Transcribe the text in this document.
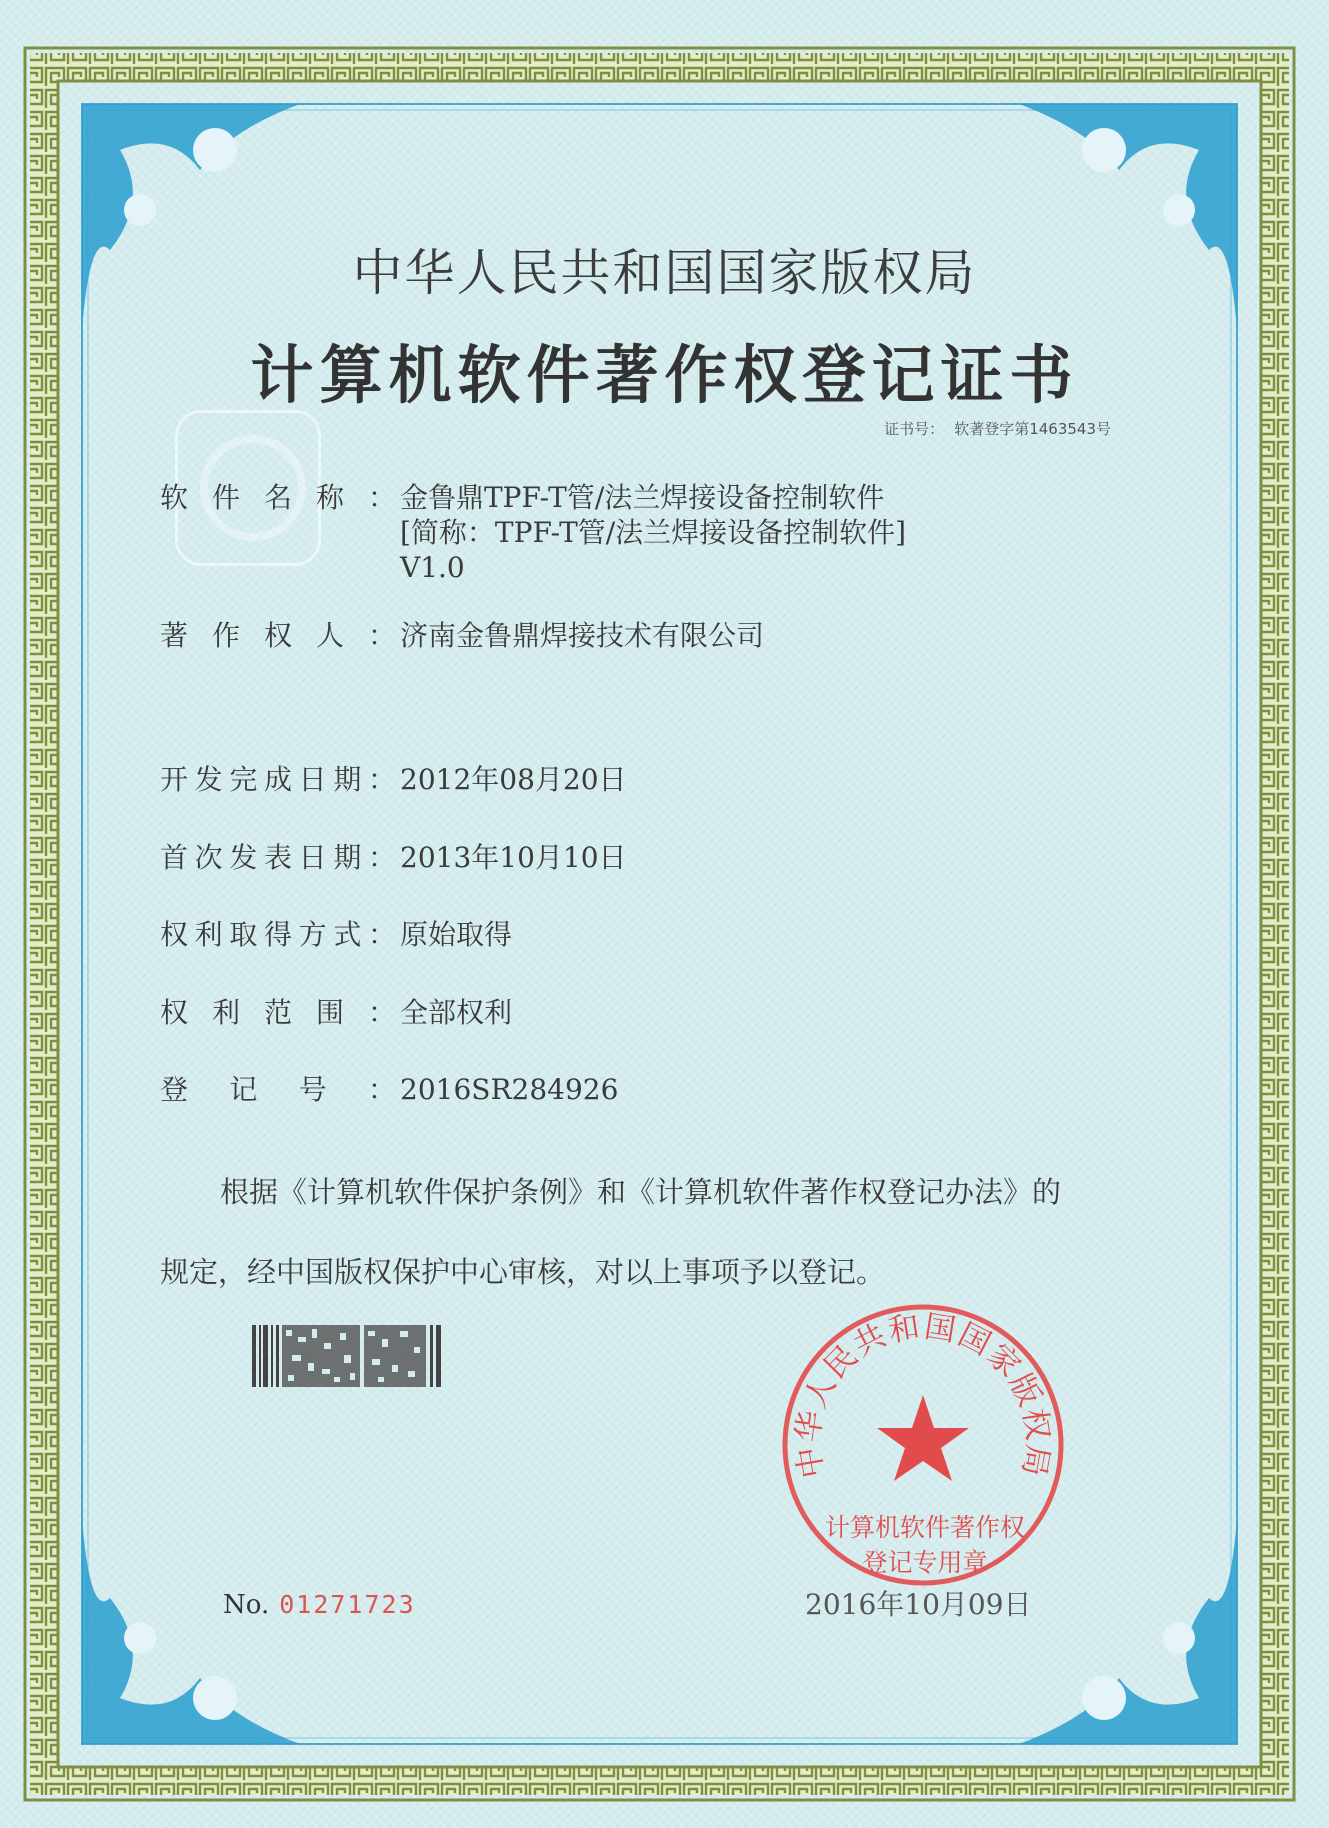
中华人民共和国国家版权局
计算机软件著作权登记证书
证书号： 软著登字第1463543号
软件名称： 金鲁鼎TPF-T管/法兰焊接设备控制软件
[简称：TPF-T管/法兰焊接设备控制软件]
V1.0
著作权人： 济南金鲁鼎焊接技术有限公司
开发完成日期： 2012年08月20日
首次发表日期： 2013年10月10日
权利取得方式： 原始取得
权利范围： 全部权利
登记号： 2016SR284926
根据《计算机软件保护条例》和《计算机软件著作权登记办法》的
规定，经中国版权保护中心审核，对以上事项予以登记。
No. 01271723	2016年10月09日
中华人民共和国国家版权局
计算机软件著作权
登记专用章
